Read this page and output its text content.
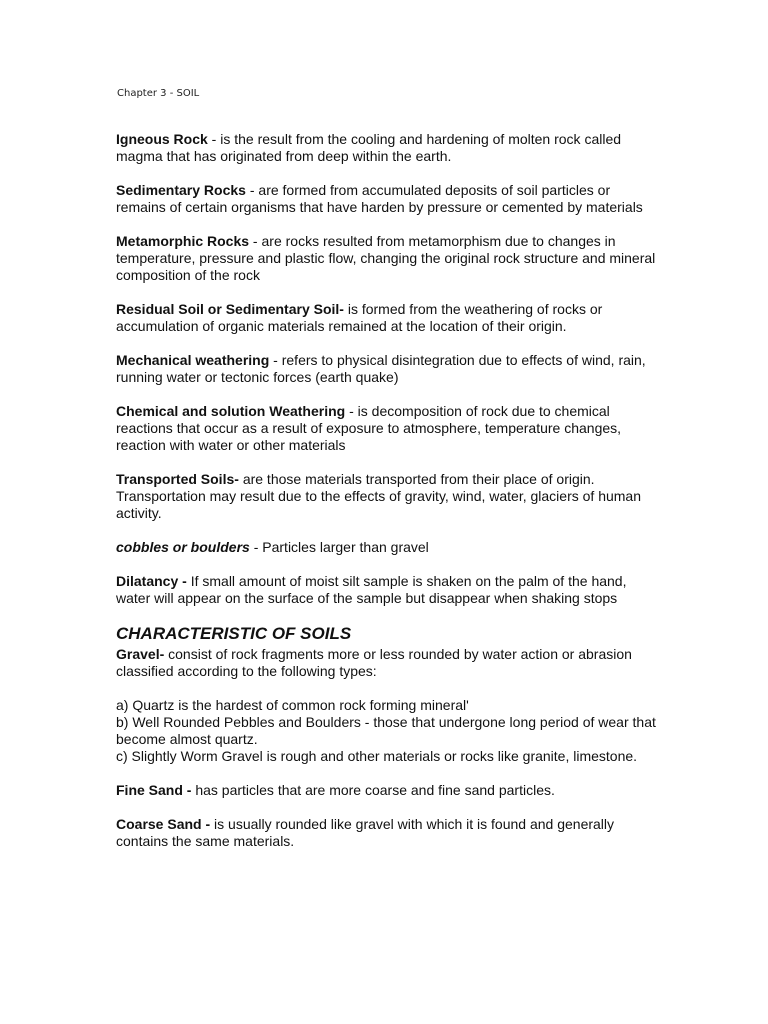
Chapter 3 - SOIL

Igneous Rock - is the result from the cooling and hardening of molten rock called magma that has originated from deep within the earth.

Sedimentary Rocks - are formed from accumulated deposits of soil particles or remains of certain organisms that have harden by pressure or cemented by materials

Metamorphic Rocks - are rocks resulted from metamorphism due to changes in temperature, pressure and plastic flow, changing the original rock structure and mineral composition of the rock

Residual Soil or Sedimentary Soil- is formed from the weathering of rocks or accumulation of organic materials remained at the location of their origin.

Mechanical weathering - refers to physical disintegration due to effects of wind, rain, running water or tectonic forces (earth quake)

Chemical and solution Weathering - is decomposition of rock due to chemical reactions that occur as a result of exposure to atmosphere, temperature changes, reaction with water or other materials

Transported Soils- are those materials transported from their place of origin. Transportation may result due to the effects of gravity, wind, water, glaciers of human activity.

cobbles or boulders - Particles larger than gravel

Dilatancy - If small amount of moist silt sample is shaken on the palm of the hand, water will appear on the surface of the sample but disappear when shaking stops

CHARACTERISTIC OF SOILS

Gravel- consist of rock fragments more or less rounded by water action or abrasion classified according to the following types:

a) Quartz is the hardest of common rock forming mineral'

b) Well Rounded Pebbles and Boulders - those that undergone long period of wear that become almost quartz.

c) Slightly Worm Gravel is rough and other materials or rocks like granite, limestone.

Fine Sand - has particles that are more coarse and fine sand particles.

Coarse Sand - is usually rounded like gravel with which it is found and generally contains the same materials.
